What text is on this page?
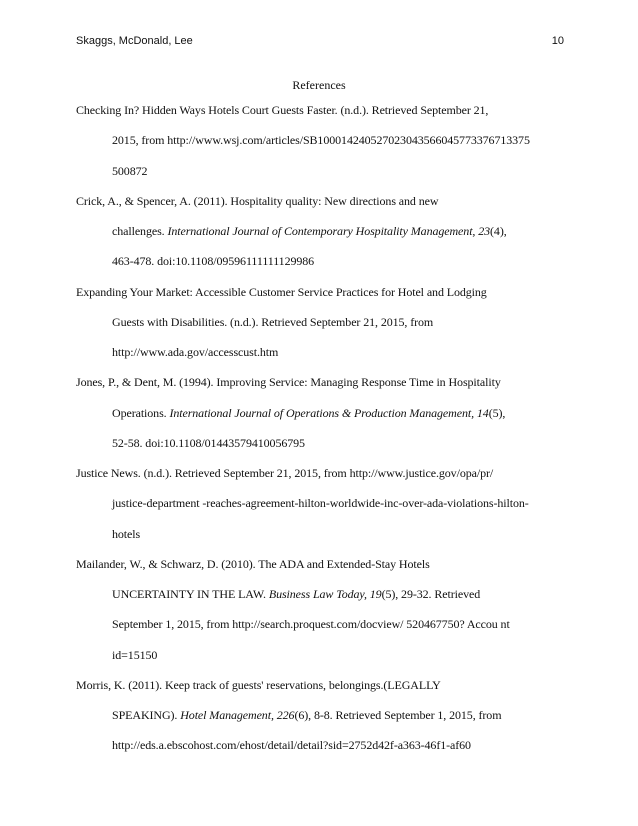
Skaggs, McDonald, Lee	10
References
Checking In? Hidden Ways Hotels Court Guests Faster. (n.d.). Retrieved September 21,
2015, from http://www.wsj.com/articles/SB100014240527023043566045773376713375
500872
Crick, A., & Spencer, A. (2011). Hospitality quality: New directions and new
challenges. International Journal of Contemporary Hospitality Management, 23(4),
463-478. doi:10.1108/09596111111129986
Expanding Your Market: Accessible Customer Service Practices for Hotel and Lodging
Guests with Disabilities. (n.d.). Retrieved September 21, 2015, from
http://www.ada.gov/accesscust.htm
Jones, P., & Dent, M. (1994). Improving Service: Managing Response Time in Hospitality
Operations. International Journal of Operations & Production Management, 14(5),
52-58. doi:10.1108/01443579410056795
Justice News. (n.d.). Retrieved September 21, 2015, from http://www.justice.gov/opa/pr/
justice-department -reaches-agreement-hilton-worldwide-inc-over-ada-violations-hilton-
hotels
Mailander, W., & Schwarz, D. (2010). The ADA and Extended-Stay Hotels
UNCERTAINTY IN THE LAW. Business Law Today, 19(5), 29-32. Retrieved
September 1, 2015, from http://search.proquest.com/docview/ 520467750? Accou nt
id=15150
Morris, K. (2011). Keep track of guests' reservations, belongings.(LEGALLY
SPEAKING). Hotel Management, 226(6), 8-8. Retrieved September 1, 2015, from
http://eds.a.ebscohost.com/ehost/detail/detail?sid=2752d42f-a363-46f1-af60
